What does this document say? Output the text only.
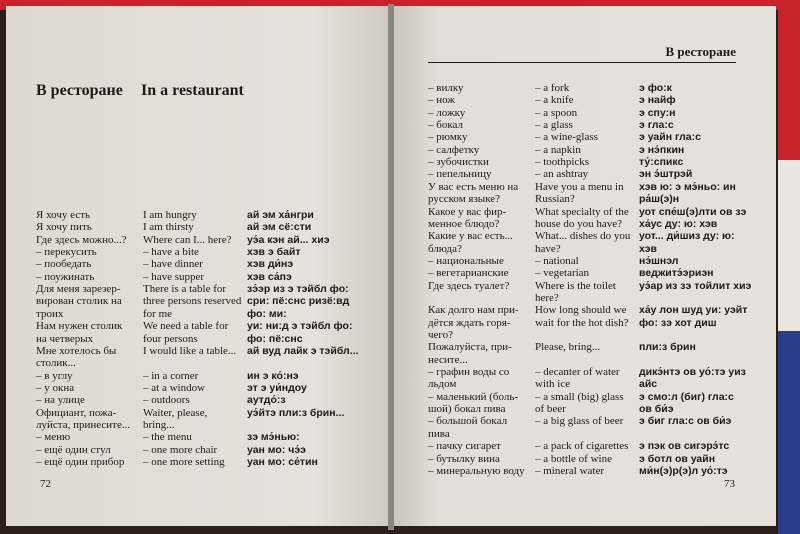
В ресторане In a restaurant
Я хочу есть
Я хочу пить
Где здесь можно...?
– перекусить
– пообедать
– поужинать
Для меня зарезер-
вирован столик на
троих
Нам нужен столик
на четверых
Мне хотелось бы
столик...
– в углу
– у окна
– на улице
Официант, пожа-
луйста, принесите...
– меню
– ещё один стул
– ещё один прибор
I am hungry
I am thirsty
Where can I... here?
– have a bite
– have dinner
– have supper
There is a table for
three persons reserved
for me
We need a table for
four persons
I would like a table...
– in a corner
– at a window
– outdoors
Waiter, please,
bring...
– the menu
– one more chair
– one more setting
ай эм ха́нгри
ай эм сё:сти
уэ́а кэн ай... хиэ
хэв э байт
хэв ди́нэ
хэв са́пэ
зэ́эр из э тэйбл фо:
сри: пё:снс ризё:вд
фо: ми:
уи: ни:д э тэйбл фо:
фо: пё:снс
ай вуд лайк э тэйбл...
ин э ко́:нэ
эт э уи́ндоу
аутдо́:з
уэ́йтэ пли:з брин...
зэ мэ́нью:
уан мо: чэ́э
уан мо: се́тин
В ресторане
– вилку
– нож
– ложку
– бокал
– рюмку
– салфетку
– зубочистки
– пепельницу
У вас есть меню на
русском языке?
Какое у вас фир-
менное блюдо?
Какие у вас есть...
блюда?
– национальные
– вегетарианские
Где здесь туалет?
Как долго нам при-
дётся ждать горя-
чего?
Пожалуйста, при-
несите...
– графин воды со
льдом
– маленький (боль-
шой) бокал пива
– большой бокал
пива
– пачку сигарет
– бутылку вина
– минеральную воду
– a fork
– a knife
– a spoon
– a glass
– a wine-glass
– a napkin
– toothpicks
– an ashtray
Have you a menu in
Russian?
What specialty of the
house do you have?
What... dishes do you
have?
– national
– vegetarian
Where is the toilet
here?
How long should we
wait for the hot dish?
Please, bring...
– decanter of water
with ice
– a small (big) glass
of beer
– a big glass of beer
– a pack of cigarettes
– a bottle of wine
– mineral water
э фо:к
э найф
э спу:н
э гла:с
э уайн гла:с
э нэ́пкин
ту́:спикс
эн э́штрэй
хэв ю: э мэ́ньо: ин
ра́ш(э)н
уот спе́ш(э)лти ов зэ
ха́ус ду: ю: хэв
уот... ди́шиз ду: ю:
хэв
нэ́шнэл
веджитэ́эриэн
уэ́ар из зэ тойлит хиэ
ха́у лон шуд уи: уэйт
фо: зэ хот диш
пли:з брин
дикэ́нтэ ов уо́:тэ уиз
айс
э смо:л (биг) гла:с
ов би́э
э биг гла:с ов би́э
э пэк ов сигэрэ́тс
э ботл ов уайн
ми́н(э)р(э)л уо́:тэ
72	73
